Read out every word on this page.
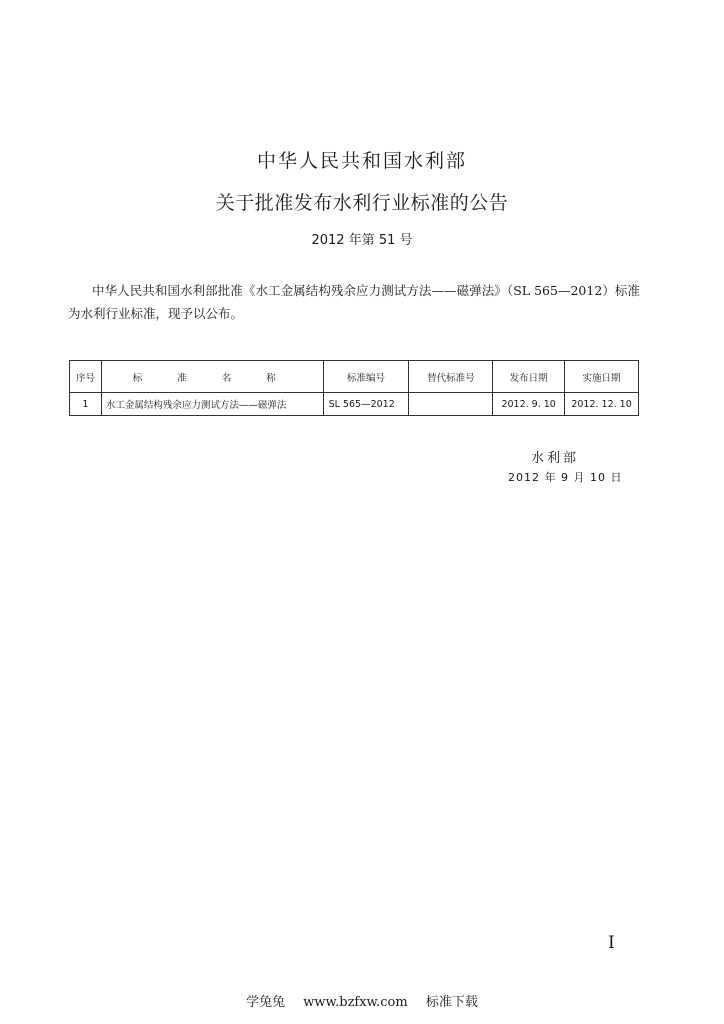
中华人民共和国水利部
关于批准发布水利行业标准的公告
2012 年第 51 号
中华人民共和国水利部批准《水工金属结构残余应力测试方法——磁弹法》（SL 565—2012）标准为水利行业标准，现予以公布。
序号	标 准 名 称	标准编号	替代标准号	发布日期	实施日期
1	水工金属结构残余应力测试方法——磁弹法	SL 565—2012		2012. 9. 10	2012. 12. 10
水利部
2012 年 9 月 10 日
I
学兔兔 www.bzfxw.com 标准下载
